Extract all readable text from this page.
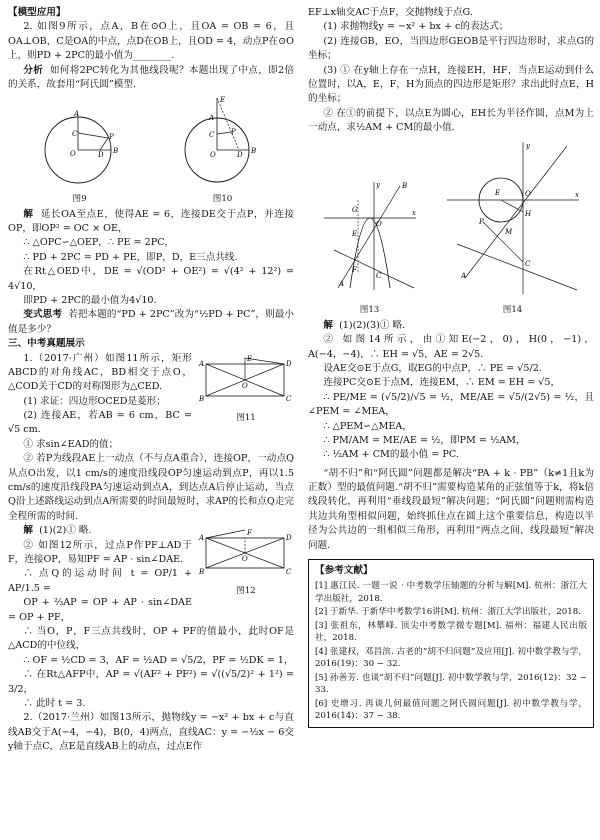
【模型应用】

2. 如图9所示，点A，B在⊙O上，且OA = OB = 6，且OA⊥OB，C是OA的中点，点D在OB上，且OD = 4，动点P在⊙O上，则PD + 2PC的最小值为________.

分析 如何将2PC转化为其他线段呢？本题出现了中点，即2倍的关系，故套用“阿氏圆”模型.

A
C
O	D B
P
图9
E
A
C P
O	D B
图10

解 延长OA至点E，使得AE = 6，连接DE交于点P，并连接OP，即OP² = OC × OE，

∴ △OPC∽△OEP，∴ PE = 2PC，

∴ PD + 2PC = PD + PE，即P，D，E三点共线.

在Rt△OED中，DE = √(OD² + OE²) = √(4² + 12²) = 4√10，

即PD + 2PC的最小值为4√10.

变式思考 若把本题的“PD + 2PC”改为“½PD + PC”，则最小值是多少？

三、中考真题展示

A	D
E
O
B	C
图11

1.（2017·广州）如图11所示，矩形ABCD的对角线AC，BD相交于点O，△COD关于CD的对称图形为△CED.

(1) 求证：四边形OCED是菱形；

(2) 连接AE，若AB = 6 cm，BC = √5 cm.

① 求sin∠EAD的值；

② 若P为线段AE上一动点（不与点A重合），连接OP，一动点Q从点O出发，以1 cm/s的速度沿线段OP匀速运动到点P，再以1.5 cm/s的速度沿线段PA匀速运动到点A，到达点A后停止运动，当点Q沿上述路线运动到点A所需要的时间最短时，求AP的长和点Q走完全程所需的时间.

A	D
F
O
B	C
图12

解 (1)(2)① 略.

② 如图12所示，过点P作PF⊥AD于F，连接OP，易知PF = AP · sin∠DAE.

∴ 点Q的运动时间 t = OP/1 + AP/1.5 =

OP + ⅔AP = OP + AP · sin∠DAE = OP + PF，

∴ 当O，P，F三点共线时，OP + PF的值最小，此时OF是△ACD的中位线，

∴ OF = ½CD = 3，AF = ½AD = √5/2，PF = ½DK = 1，

∴ 在Rt△AFP中，AP = √(AF² + PF²) = √((√5/2)² + 1²) = 3/2，

∴ 此时 t = 3.

2.（2017·兰州）如图13所示，抛物线y = −x² + bx + c与直线AB交于A(−4，−4)，B(0，4)两点，直线AC：y = −½x − 6交y轴于点C，点E是直线AB上的动点，过点E作

EF⊥x轴交AC于点F，交抛物线于点G.

(1) 求抛物线y = −x² + bx + c的表达式；

(2) 连接GB，EO，当四边形GEOB是平行四边形时，求点G的坐标；

(3) ① 在y轴上存在一点H，连接EH，HF，当点E运动到什么位置时，以A，E，F，H为顶点的四边形是矩形？求出此时点E，H的坐标；

② 在①的前提下，以点E为圆心，EH长为半径作圆，点M为上一动点，求½AM + CM的最小值.

B
G
E
F
O
x
y
A
C
图13
E
H
O	x
y
P
M
A
C
图14

解 (1)(2)(3)① 略.

② 如图14所示，由①知E(−2，0)，H(0，−1)，A(−4，−4)，∴ EH = √5，AE = 2√5.

设AE交⊙E于点G，取EG的中点P，∴ PE = √5/2.

连接PC交⊙E于点M，连接EM，∴ EM = EH = √5，

∴ PE/ME = (√5/2)/√5 = ½，ME/AE = √5/(2√5) = ½，且∠PEM = ∠MEA，

∴ △PEM∽△MEA，

∴ PM/AM = ME/AE = ½，即PM = ½AM，

∴ ½AM + CM的最小值 = PC.

“胡不归”和“阿氏圆”问题都是解决“PA + k · PB”（k≠1且k为正数）型的最值问题.“胡不归”需要构造某角的正弦值等于k，将k倍线段转化，再利用“垂线段最短”解决问题；“阿氏圆”问题则需构造共边共角型相似问题，始终抓住点在圆上这个重要信息，构造以半径为公共边的一组相似三角形，再利用“两点之间，线段最短”解决问题.

【参考文献】

[1] 惠江民. 一题一说 · 中考数学压轴题的分析与解[M]. 杭州：浙江大学出版社，2018.

[2] 于新华. 于新华中考数学16讲[M]. 杭州：浙江大学出版社，2018.

[3] 张祖东，林攀峰. 顶尖中考数学微专题[M]. 福州：福建人民出版社，2018.

[4] 张建权，邓昌滨. 古老的“胡不归问题”及应用[J]. 初中数学教与学，2016(19)：30 − 32.

[5] 孙善芳. 也谈“胡不归”问题[J]. 初中数学教与学，2016(12)：32 − 33.

[6] 史增习. 再谈几何最值问题之阿氏圆问题[J]. 初中数学教与学，2016(14)：37 − 38.
